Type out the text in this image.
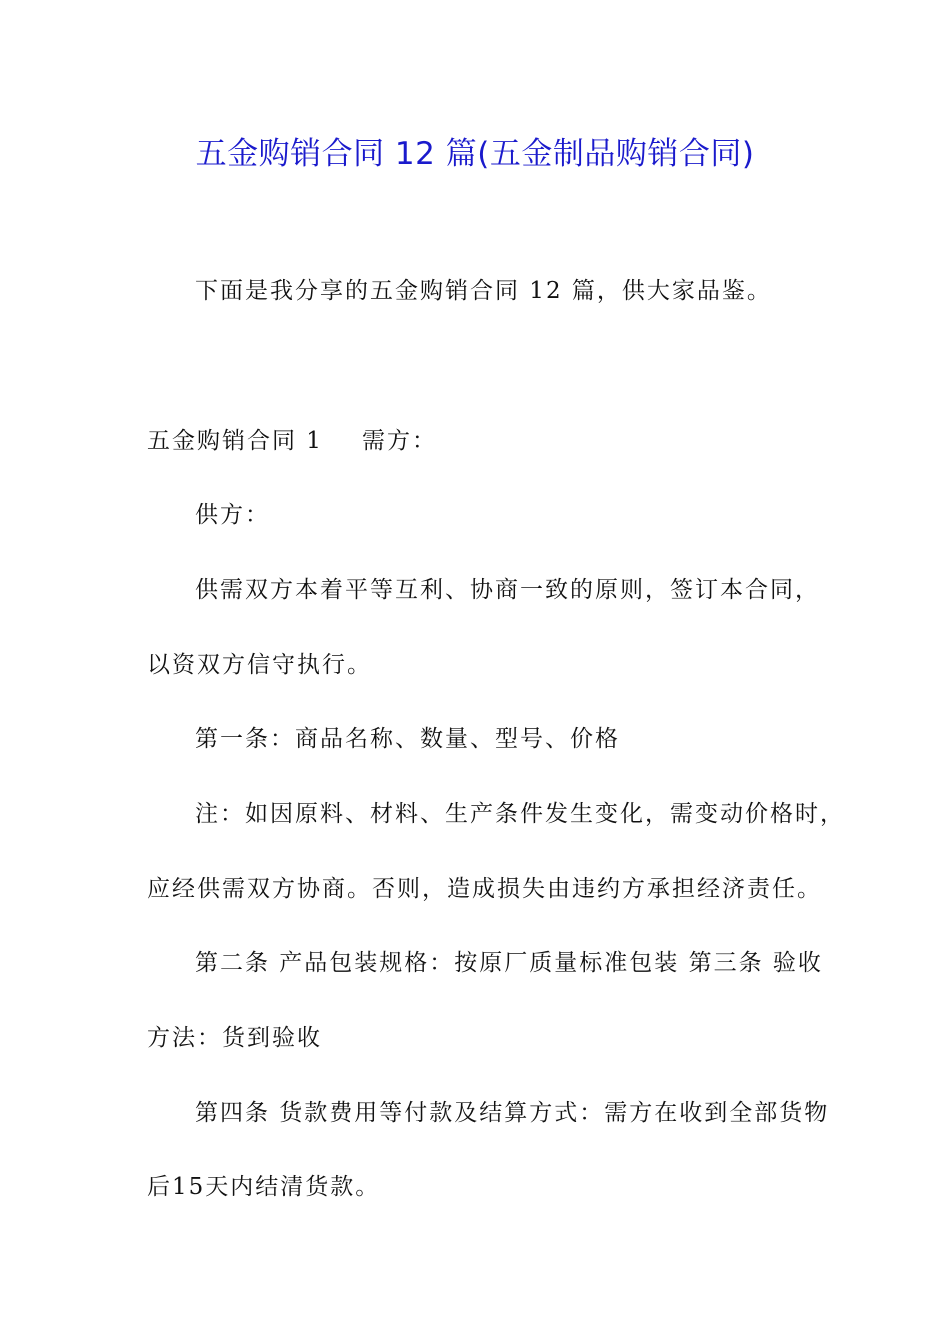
五金购销合同 12 篇(五金制品购销合同)
下面是我分享的五金购销合同 12 篇，供大家品鉴。
五金购销合同 1 需方：
供方：
供需双方本着平等互利、协商一致的原则，签订本合同，
以资双方信守执行。
第一条：商品名称、数量、型号、价格
注：如因原料、材料、生产条件发生变化，需变动价格时，
应经供需双方协商。否则，造成损失由违约方承担经济责任。
第二条 产品包装规格：按原厂质量标准包装 第三条 验收
方法：货到验收
第四条 货款费用等付款及结算方式：需方在收到全部货物
后15天内结清货款。
